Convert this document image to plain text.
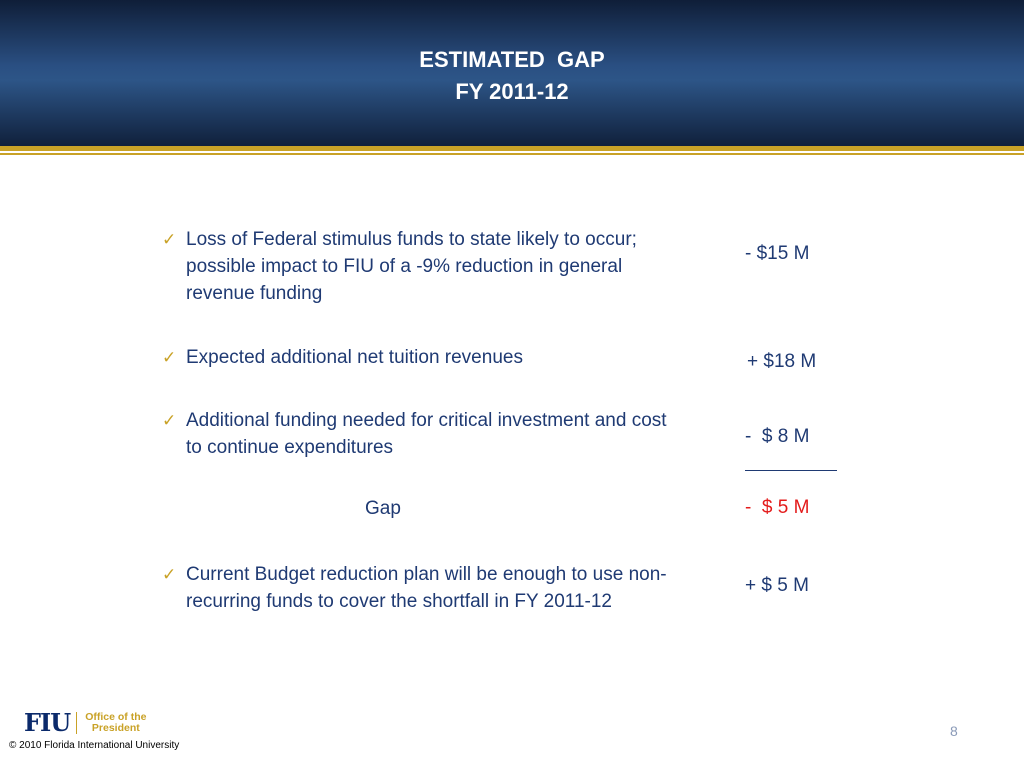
ESTIMATED  GAP
FY 2011-12
✓ Loss of Federal stimulus funds to state likely to occur; possible impact to FIU of a -9% reduction in general revenue funding
- $15 M
✓ Expected additional net tuition revenues	+ $18 M
✓ Additional funding needed for critical investment and cost to continue expenditures
-  $ 8 M
Gap	-  $ 5 M
✓ Current Budget reduction plan will be enough to use non-recurring funds to cover the shortfall in FY 2011-12
+ $ 5 M
FIU Office of the
President
© 2010 Florida International University
8
